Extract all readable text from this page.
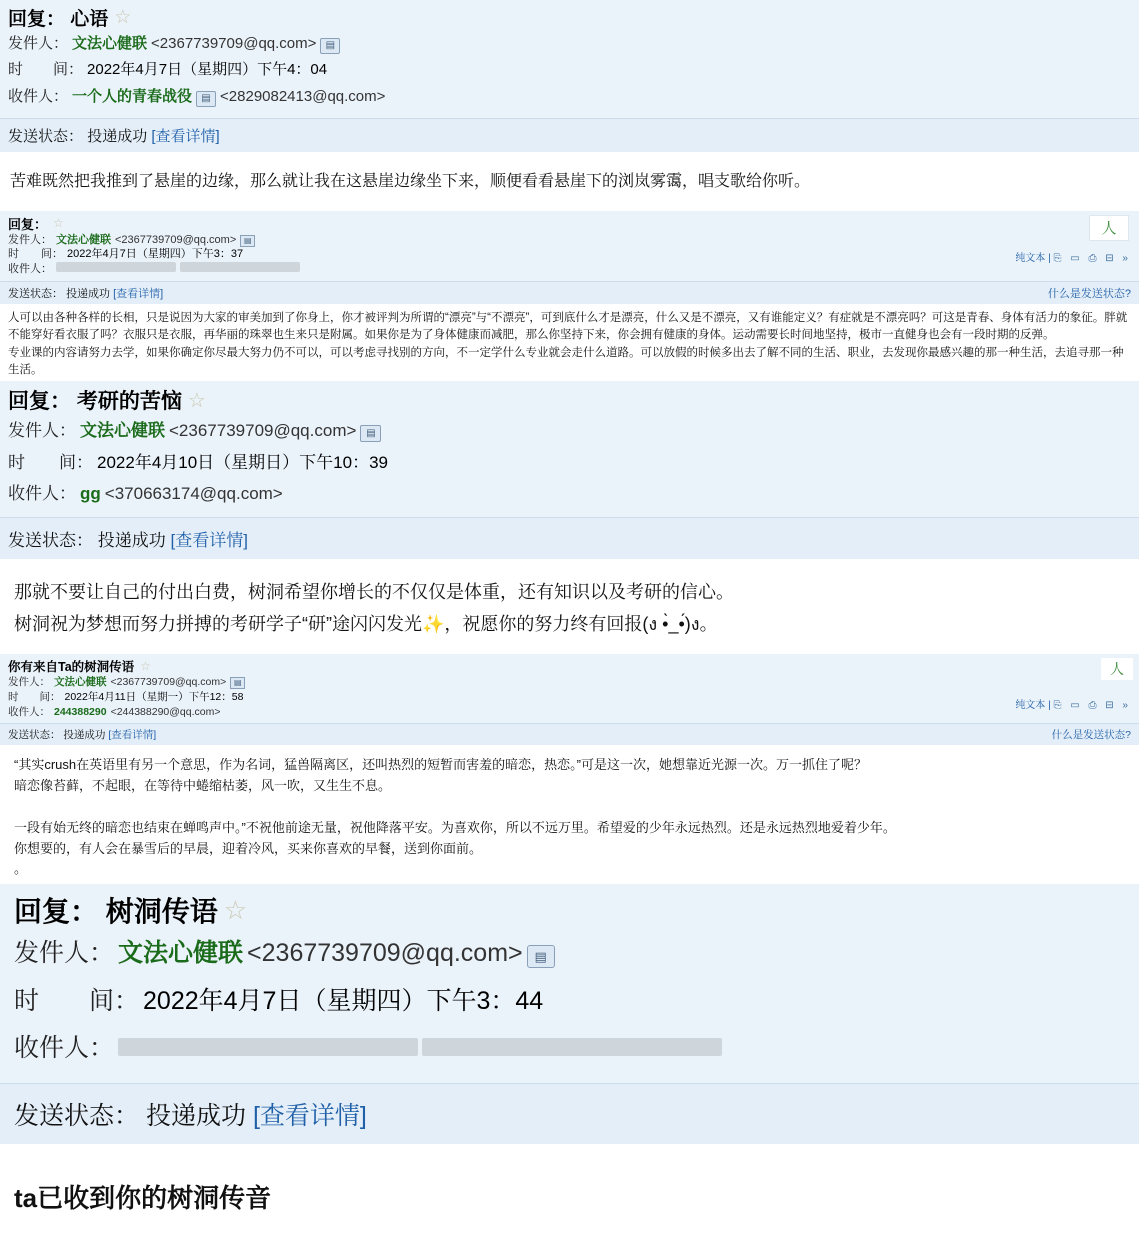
回复： 心语 ☆
发件人： 文法心健联 <2367739709@qq.com> ▤
时　　间： 2022年4月7日（星期四）下午4：04
收件人： 一个人的青春战役 ▤ <2829082413@qq.com>
发送状态： 投递成功 [查看详情]
苦难既然把我推到了悬崖的边缘，那么就让我在这悬崖边缘坐下来，顺便看看悬崖下的浏岚雾霭，唱支歌给你听。
人
回复： ☆
发件人： 文法心健联 <2367739709@qq.com> ▤
时　　间： 2022年4月7日（星期四）下午3：37
收件人：
纯文本 | ⎘ ▭ ⎙ ⊟ »
发送状态： 投递成功 [查看详情]	什么是发送状态?
人可以由各种各样的长相，只是说因为大家的审美加到了你身上，你才被评判为所谓的“漂亮”与“不漂亮”，可到底什么才是漂亮，什么又是不漂亮，又有谁能定义？有症就是不漂亮吗？可这是青春、身体有活力的象征。胖就不能穿好看衣服了吗？衣服只是衣服，再华丽的珠翠也生来只是附属。如果你是为了身体健康而减肥，那么你坚持下来，你会拥有健康的身体。运动需要长时间地坚持，极市一直健身也会有一段时期的反弹。
专业课的内容请努力去学，如果你确定你尽最大努力仍不可以，可以考虑寻找别的方向，不一定学什么专业就会走什么道路。可以放假的时候多出去了解不同的生活、职业，去发现你最感兴趣的那一种生活，去追寻那一种生活。
回复： 考研的苦恼 ☆
发件人： 文法心健联 <2367739709@qq.com> ▤
时　　间： 2022年4月10日（星期日）下午10：39
收件人： gg <370663174@qq.com>
发送状态： 投递成功 [查看详情]
那就不要让自己的付出白费，树洞希望你增长的不仅仅是体重，还有知识以及考研的信心。
树洞祝为梦想而努力拼搏的考研学子“研”途闪闪发光✨，祝愿你的努力终有回报(ง •̀_•́)ง。
人
你有来自Ta的树洞传语 ☆
发件人： 文法心健联 <2367739709@qq.com> ▤
时　　间： 2022年4月11日（星期一）下午12：58
收件人： 244388290 <244388290@qq.com>	纯文本 | ⎘ ▭ ⎙ ⊟ »
发送状态： 投递成功 [查看详情]	什么是发送状态?
“其实crush在英语里有另一个意思，作为名词，猛兽隔离区，还叫热烈的短暂而害羞的暗恋，热恋。”可是这一次，她想靠近光源一次。万一抓住了呢？
暗恋像苔藓，不起眼，在等待中蜷缩枯萎，风一吹，又生生不息。

一段有始无终的暗恋也结束在蝉鸣声中。”不祝他前途无量，祝他降落平安。为喜欢你，所以不远万里。希望爱的少年永远热烈。还是永远热烈地爱着少年。
你想要的，有人会在暴雪后的早晨，迎着冷风，买来你喜欢的早餐，送到你面前。
。
回复： 树洞传语 ☆
发件人： 文法心健联 <2367739709@qq.com> ▤
时　　间： 2022年4月7日（星期四）下午3：44
收件人：
发送状态： 投递成功 [查看详情]
ta已收到你的树洞传音
